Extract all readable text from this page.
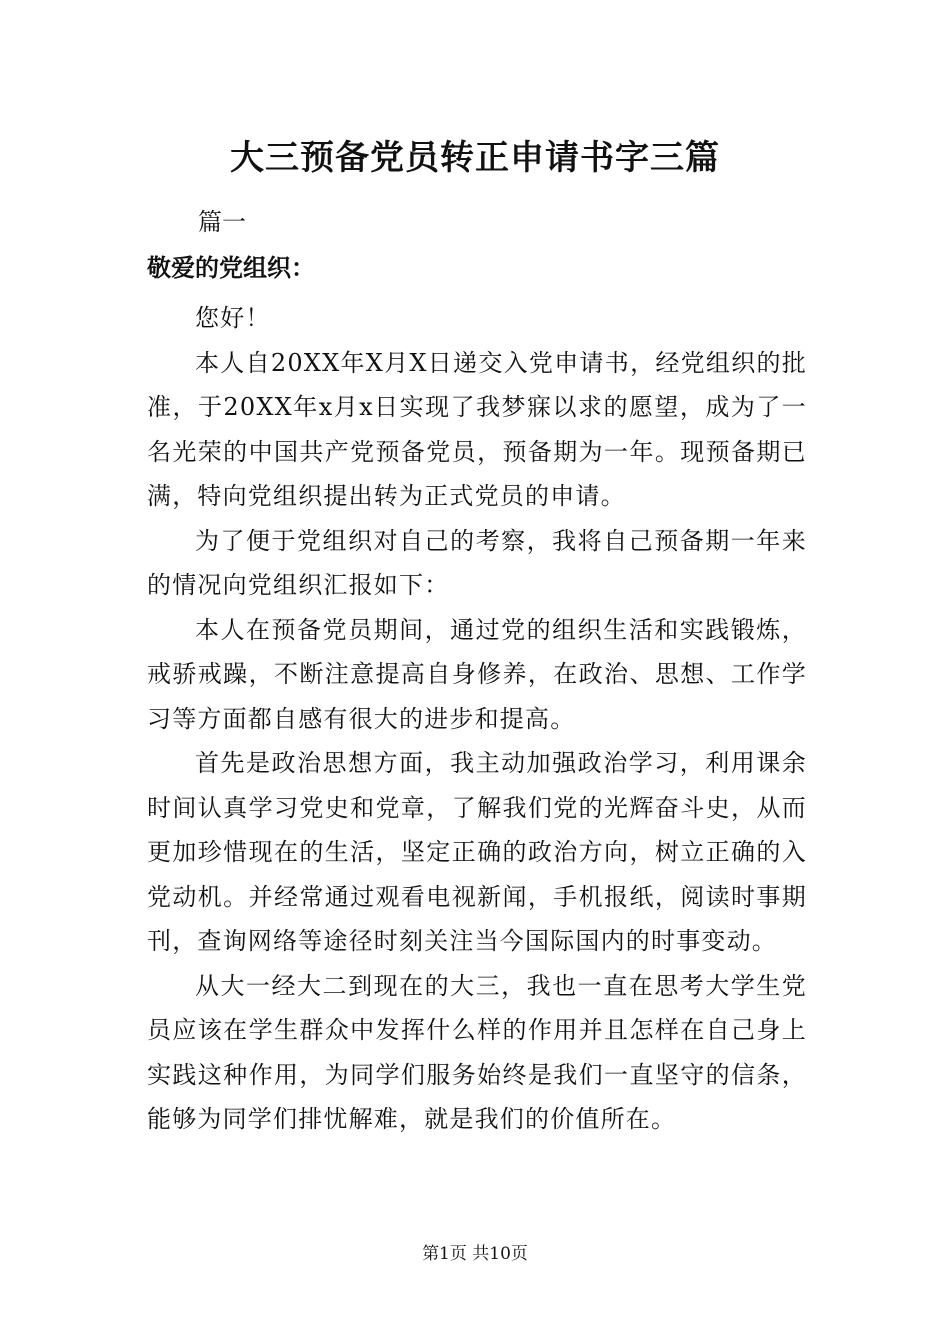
大三预备党员转正申请书字三篇
篇一
敬爱的党组织：

您好！

本人自20XX年X月X日递交入党申请书，经党组织的批准，于20XX年x月x日实现了我梦寐以求的愿望，成为了一名光荣的中国共产党预备党员，预备期为一年。现预备期已满，特向党组织提出转为正式党员的申请。

为了便于党组织对自己的考察，我将自己预备期一年来的情况向党组织汇报如下：

本人在预备党员期间，通过党的组织生活和实践锻炼，戒骄戒躁，不断注意提高自身修养，在政治、思想、工作学习等方面都自感有很大的进步和提高。

首先是政治思想方面，我主动加强政治学习，利用课余时间认真学习党史和党章，了解我们党的光辉奋斗史，从而更加珍惜现在的生活，坚定正确的政治方向，树立正确的入党动机。并经常通过观看电视新闻，手机报纸，阅读时事期刊，查询网络等途径时刻关注当今国际国内的时事变动。

从大一经大二到现在的大三，我也一直在思考大学生党员应该在学生群众中发挥什么样的作用并且怎样在自己身上实践这种作用，为同学们服务始终是我们一直坚守的信条，能够为同学们排忧解难，就是我们的价值所在。

第1页 共10页
